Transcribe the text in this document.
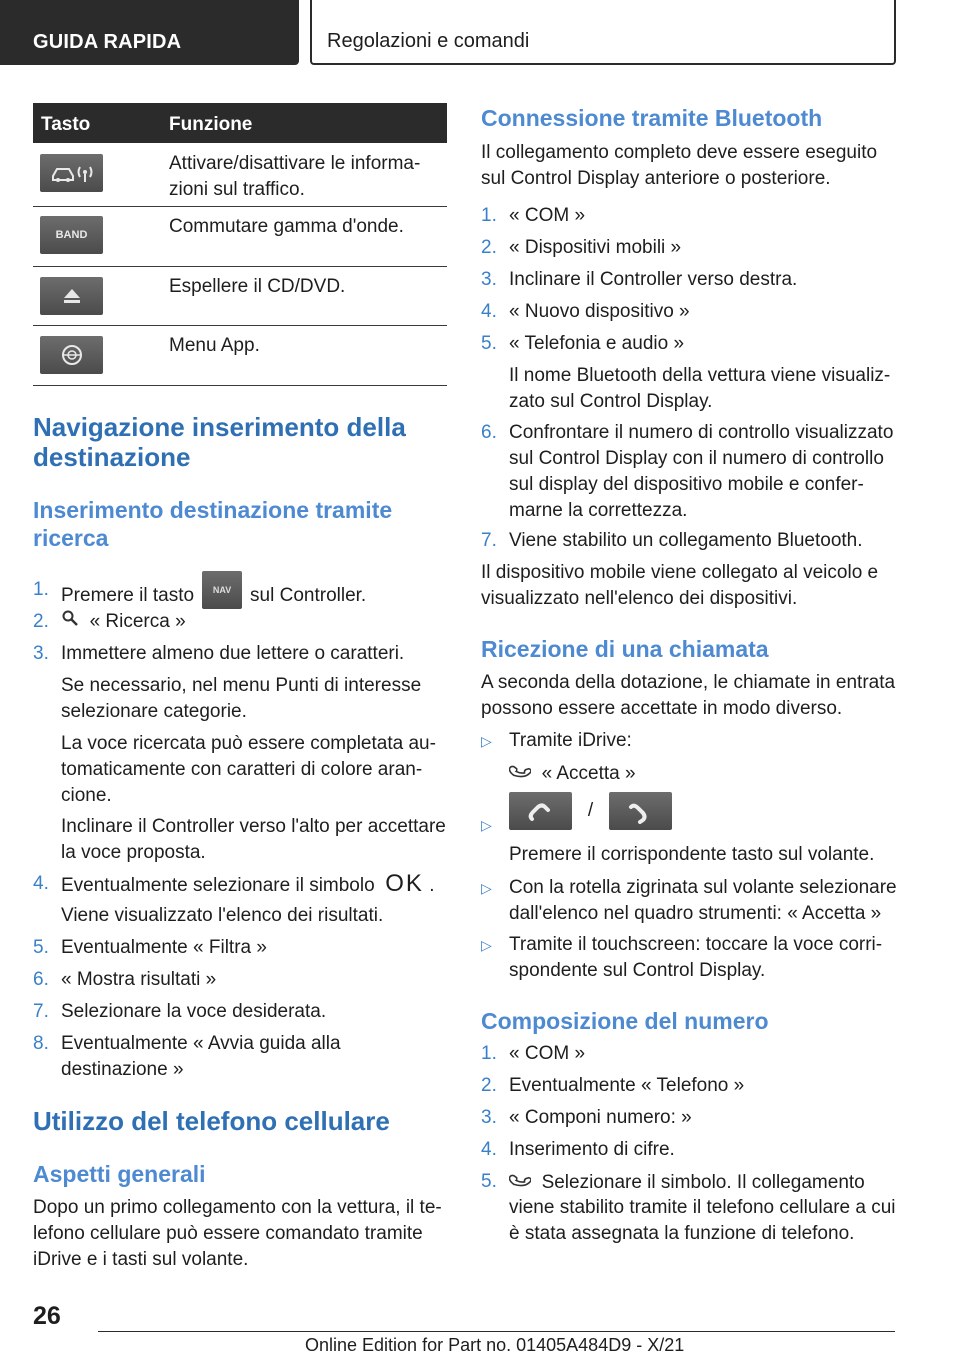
GUIDA RAPIDA	Regolazioni e comandi
Tasto	Funzione
Attivare/disattivare le informa-
zioni sul traffico.
BAND	Commutare gamma d'onde.
Espellere il CD/DVD.
Menu App.
Navigazione inserimento della
destinazione
Inserimento destinazione tramite
ricerca
1. Premere il tasto NAV sul Controller.
2.	« Ricerca »
3. Immettere almeno due lettere o caratteri.
Se necessario, nel menu Punti di interesse
selezionare categorie.
La voce ricercata può essere completata au-
tomaticamente con caratteri di colore aran-
cione.
Inclinare il Controller verso l'alto per accettare
la voce proposta.
4. Eventualmente selezionare il simbolo OK .
Viene visualizzato l'elenco dei risultati.
5. Eventualmente « Filtra »
6. « Mostra risultati »
7. Selezionare la voce desiderata.
8. Eventualmente « Avvia guida alla
destinazione »
Utilizzo del telefono cellulare
Aspetti generali
Dopo un primo collegamento con la vettura, il te-
lefono cellulare può essere comandato tramite
iDrive e i tasti sul volante.
Connessione tramite Bluetooth
Il collegamento completo deve essere eseguito
sul Control Display anteriore o posteriore.
1. « COM »
2. « Dispositivi mobili »
3. Inclinare il Controller verso destra.
4. « Nuovo dispositivo »
5. « Telefonia e audio »
Il nome Bluetooth della vettura viene visualiz-
zato sul Control Display.
6. Confrontare il numero di controllo visualizzato
sul Control Display con il numero di controllo
sul display del dispositivo mobile e confer-
marne la correttezza.
7. Viene stabilito un collegamento Bluetooth.
Il dispositivo mobile viene collegato al veicolo e
visualizzato nell'elenco dei dispositivi.
Ricezione di una chiamata
A seconda della dotazione, le chiamate in entrata
possono essere accettate in modo diverso.
▷ Tramite iDrive:
« Accetta »
▷
/
Premere il corrispondente tasto sul volante.
▷ Con la rotella zigrinata sul volante selezionare
dall'elenco nel quadro strumenti: « Accetta »
▷ Tramite il touchscreen: toccare la voce corri-
spondente sul Control Display.
Composizione del numero
1. « COM »
2. Eventualmente « Telefono »
3. « Componi numero: »
4. Inserimento di cifre.
5.	Selezionare il simbolo. Il collegamento
viene stabilito tramite il telefono cellulare a cui
è stata assegnata la funzione di telefono.
26
Online Edition for Part no. 01405A484D9 - X/21
